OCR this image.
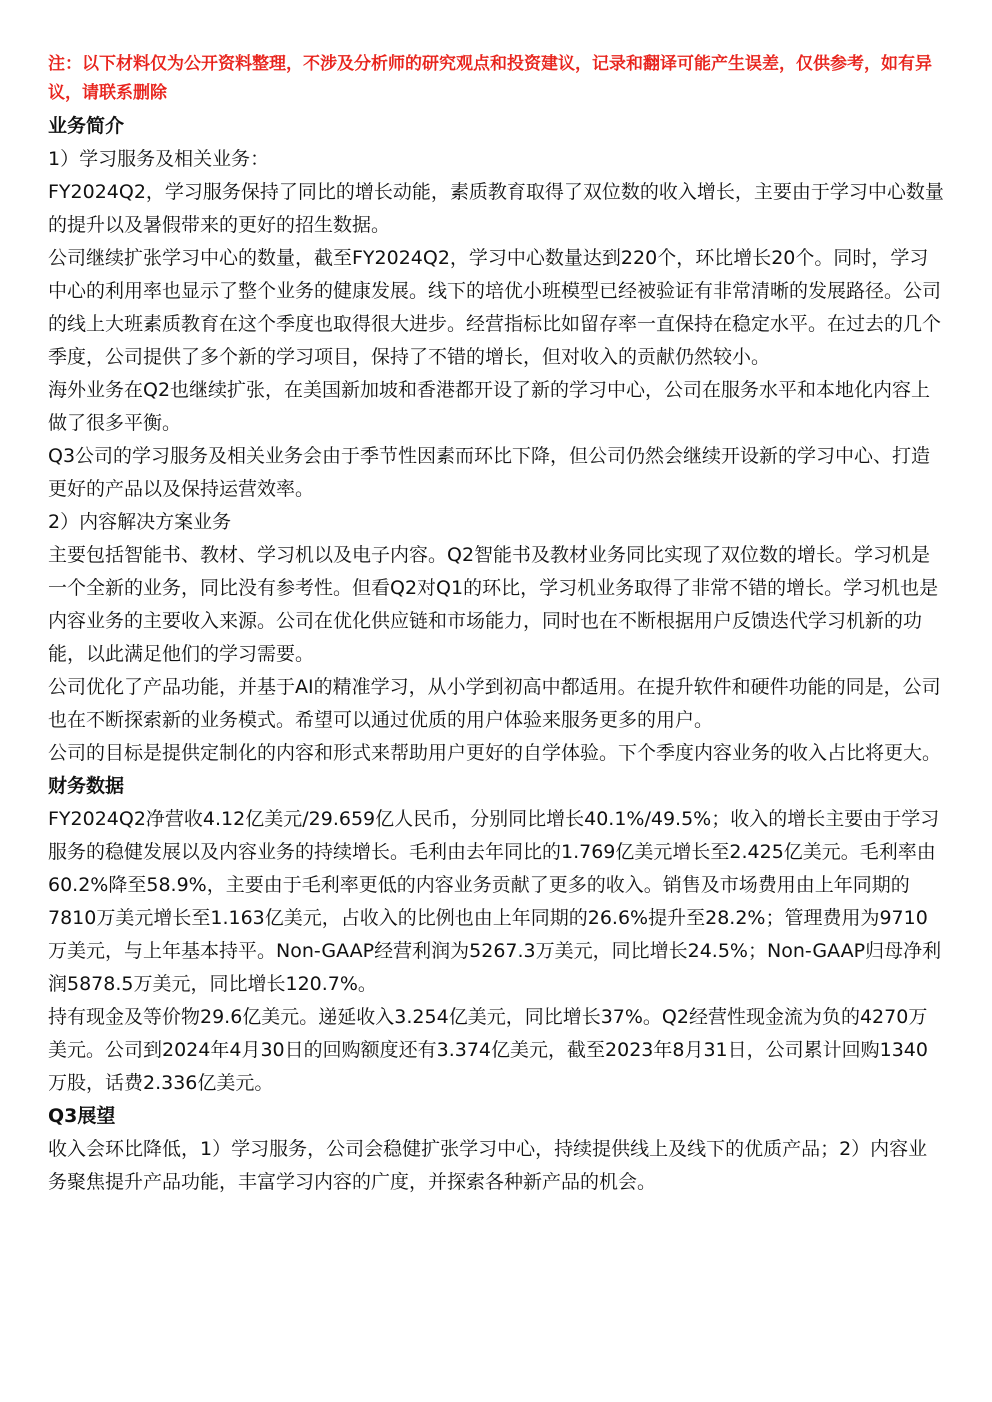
注：以下材料仅为公开资料整理，不涉及分析师的研究观点和投资建议，记录和翻译可能产生误差，仅供参考，如有异议，请联系删除

业务简介

1）学习服务及相关业务：

FY2024Q2，学习服务保持了同比的增长动能，素质教育取得了双位数的收入增长，主要由于学习中心数量的提升以及暑假带来的更好的招生数据。

公司继续扩张学习中心的数量，截至FY2024Q2，学习中心数量达到220个，环比增长20个。同时，学习中心的利用率也显示了整个业务的健康发展。线下的培优小班模型已经被验证有非常清晰的发展路径。公司的线上大班素质教育在这个季度也取得很大进步。经营指标比如留存率一直保持在稳定水平。在过去的几个季度，公司提供了多个新的学习项目，保持了不错的增长，但对收入的贡献仍然较小。

海外业务在Q2也继续扩张，在美国新加坡和香港都开设了新的学习中心，公司在服务水平和本地化内容上做了很多平衡。

Q3公司的学习服务及相关业务会由于季节性因素而环比下降，但公司仍然会继续开设新的学习中心、打造更好的产品以及保持运营效率。

2）内容解决方案业务

主要包括智能书、教材、学习机以及电子内容。Q2智能书及教材业务同比实现了双位数的增长。学习机是一个全新的业务，同比没有参考性。但看Q2对Q1的环比，学习机业务取得了非常不错的增长。学习机也是内容业务的主要收入来源。公司在优化供应链和市场能力，同时也在不断根据用户反馈迭代学习机新的功能，以此满足他们的学习需要。

公司优化了产品功能，并基于AI的精准学习，从小学到初高中都适用。在提升软件和硬件功能的同是，公司也在不断探索新的业务模式。希望可以通过优质的用户体验来服务更多的用户。

公司的目标是提供定制化的内容和形式来帮助用户更好的自学体验。下个季度内容业务的收入占比将更大。

财务数据

FY2024Q2净营收4.12亿美元/29.659亿人民币，分别同比增长40.1%/49.5%；收入的增长主要由于学习服务的稳健发展以及内容业务的持续增长。毛利由去年同比的1.769亿美元增长至2.425亿美元。毛利率由60.2%降至58.9%，主要由于毛利率更低的内容业务贡献了更多的收入。销售及市场费用由上年同期的7810万美元增长至1.163亿美元，占收入的比例也由上年同期的26.6%提升至28.2%；管理费用为9710万美元，与上年基本持平。Non-GAAP经营利润为5267.3万美元，同比增长24.5%；Non-GAAP归母净利润5878.5万美元，同比增长120.7%。

持有现金及等价物29.6亿美元。递延收入3.254亿美元，同比增长37%。Q2经营性现金流为负的4270万美元。公司到2024年4月30日的回购额度还有3.374亿美元，截至2023年8月31日，公司累计回购1340万股，话费2.336亿美元。

Q3展望

收入会环比降低，1）学习服务，公司会稳健扩张学习中心，持续提供线上及线下的优质产品；2）内容业务聚焦提升产品功能，丰富学习内容的广度，并探索各种新产品的机会。
